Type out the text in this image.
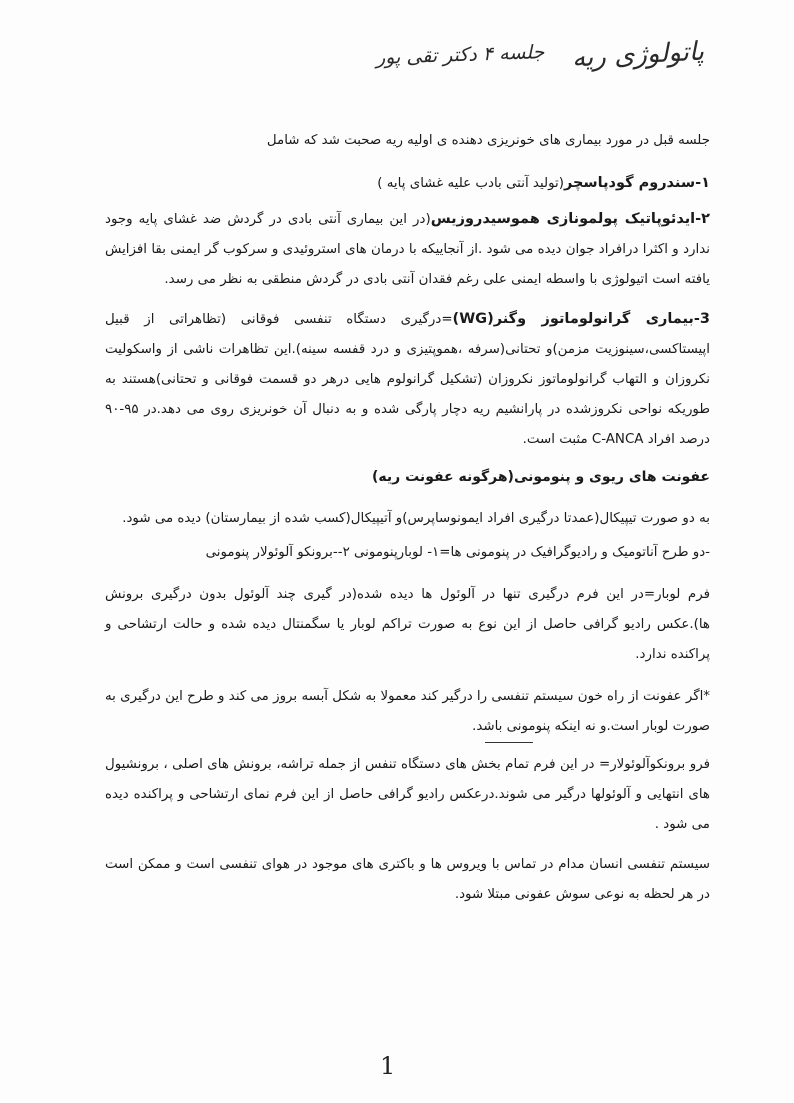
پاتولوژی ریه
جلسه ۴ دکتر تقی پور

جلسه قبل در مورد بیماری های خونریزی دهنده ی اولیه ریه صحبت شد که شامل

۱-سندروم گودپاسچر(تولید آنتی بادب علیه غشای پایه )

۲-ایدئوپاتیک پولمونازی هموسیدروزیس(در این بیماری آنتی بادی در گردش ضد غشای پایه وجود ندارد و اکثرا درافراد جوان دیده می شود .از آنجاییکه با درمان های استروئیدی و سرکوب گر ایمنی بقا افزایش یافته است اتیولوژی با واسطه ایمنی علی رغم فقدان آنتی بادی در گردش منطقی به نظر می رسد.

3-بیماری گرانولوماتوز وگنر(WG)=درگیری دستگاه تنفسی فوقانی (تظاهراتی از قبیل اپیستاکسی،سینوزیت مزمن)و تحتانی(سرفه ،هموپتیزی و درد قفسه سینه).این تظاهرات ناشی از واسکولیت نکروزان و التهاب گرانولوماتوز نکروزان (تشکیل گرانولوم هایی درهر دو قسمت فوقانی و تحتانی)هستند به طوریکه نواحی نکروزشده در پارانشیم ریه دچار پارگی شده و به دنبال آن خونریزی روی می دهد.در ۹۵-۹۰ درصد افراد C-ANCA مثبت است.

عفونت های ریوی و پنومونی(هرگونه عفونت ریه)

به دو صورت تیپیکال(عمدتا درگیری افراد ایمونوساپرس)و آتیپیکال(کسب شده از بیمارستان) دیده می شود.

-دو طرح آناتومیک و رادیوگرافیک در پنومونی ها=۱- لوبارپنومونی ۲--برونکو آلوئولار پنومونی

فرم لوبار=در این فرم درگیری تنها در آلوئول ها دیده شده(در گیری چند آلوئول بدون درگیری برونش ها).عکس رادیو گرافی حاصل از این نوع به صورت تراکم لوبار یا سگمنتال دیده شده و حالت ارتشاحی و پراکنده ندارد.

*اگر عفونت از راه خون سیستم تنفسی را درگیر کند معمولا به شکل آبسه بروز می کند و طرح این درگیری به صورت لوبار است.و نه اینکه پنومونی باشد.

فرو برونکوآلوئولار= در این فرم تمام بخش های دستگاه تنفس از جمله تراشه، برونش های اصلی ، برونشیول های انتهایی و آلوئولها درگیر می شوند.درعکس رادیو گرافی حاصل از این فرم نمای ارتشاحی و پراکنده دیده می شود .

سیستم تنفسی انسان مدام در تماس با ویروس ها و باکتری های موجود در هوای تنفسی است و ممکن است در هر لحظه به نوعی سوش عفونی مبتلا شود.

1
